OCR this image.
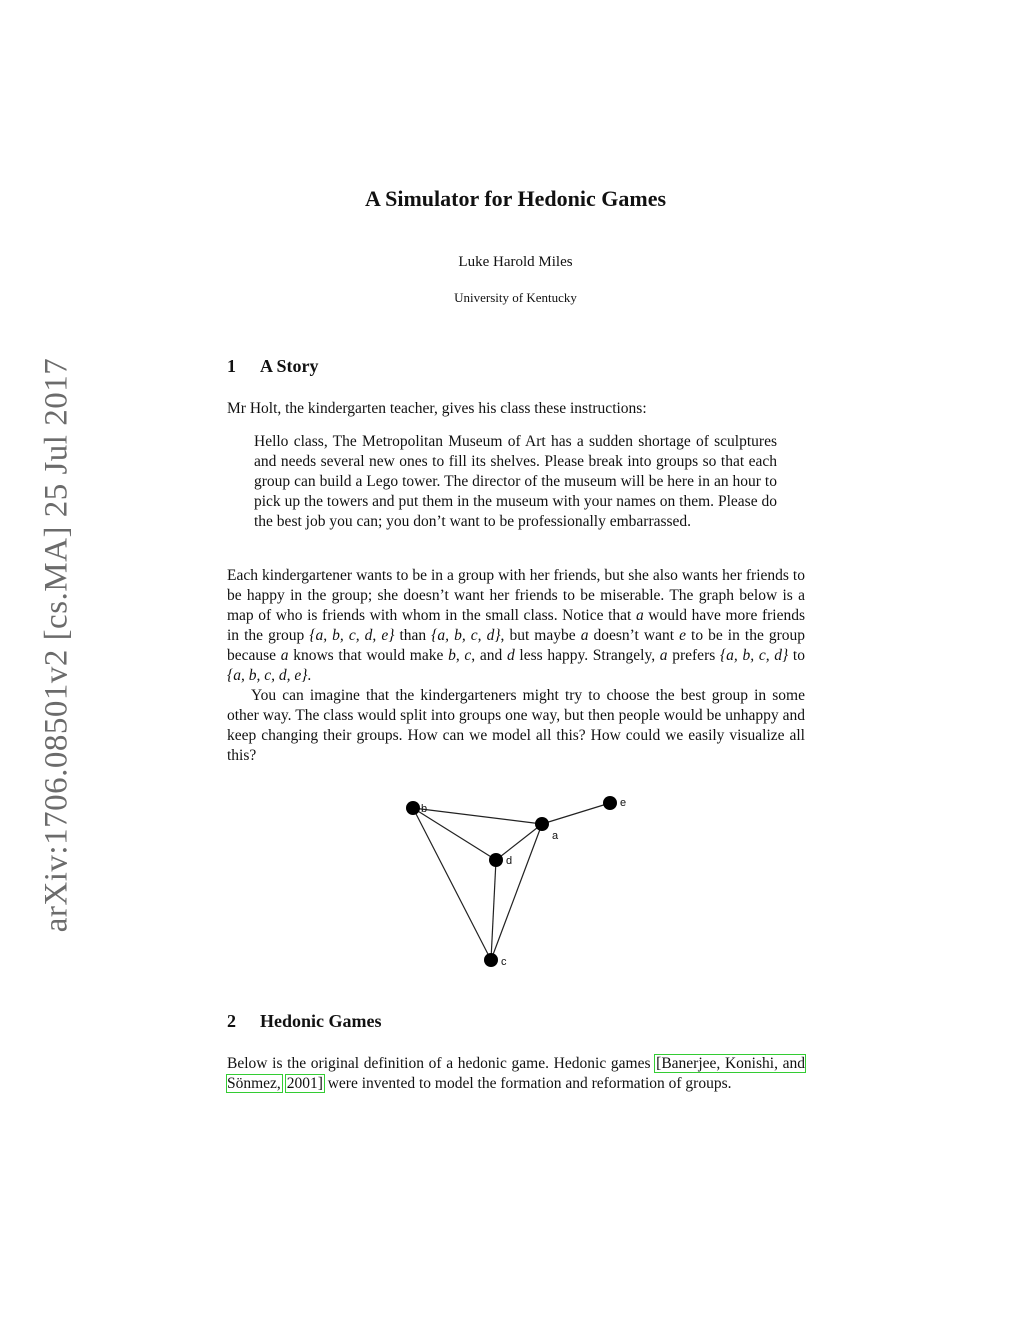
arXiv:1706.08501v2 [cs.MA] 25 Jul 2017
A Simulator for Hedonic Games
Luke Harold Miles
University of Kentucky
1 A Story
Mr Holt, the kindergarten teacher, gives his class these instructions:
Hello class, The Metropolitan Museum of Art has a sudden shortage of sculptures and needs several new ones to fill its shelves. Please break into groups so that each group can build a Lego tower. The director of the museum will be here in an hour to pick up the towers and put them in the museum with your names on them. Please do the best job you can; you don’t want to be professionally embarrassed.
Each kindergartener wants to be in a group with her friends, but she also wants her friends to be happy in the group; she doesn’t want her friends to be miserable. The graph below is a map of who is friends with whom in the small class. Notice that a would have more friends in the group {a, b, c, d, e} than {a, b, c, d}, but maybe a doesn’t want e to be in the group because a knows that would make b, c, and d less happy. Strangely, a prefers {a, b, c, d} to {a, b, c, d, e}.
You can imagine that the kindergarteners might try to choose the best group in some other way. The class would split into groups one way, but then people would be unhappy and keep changing their groups. How can we model all this? How could we easily visualize all this?
b
a
e
d
c
2 Hedonic Games
Below is the original definition of a hedonic game. Hedonic games [Banerjee, Konishi, and Sönmez, 2001] were invented to model the formation and reformation of groups.
